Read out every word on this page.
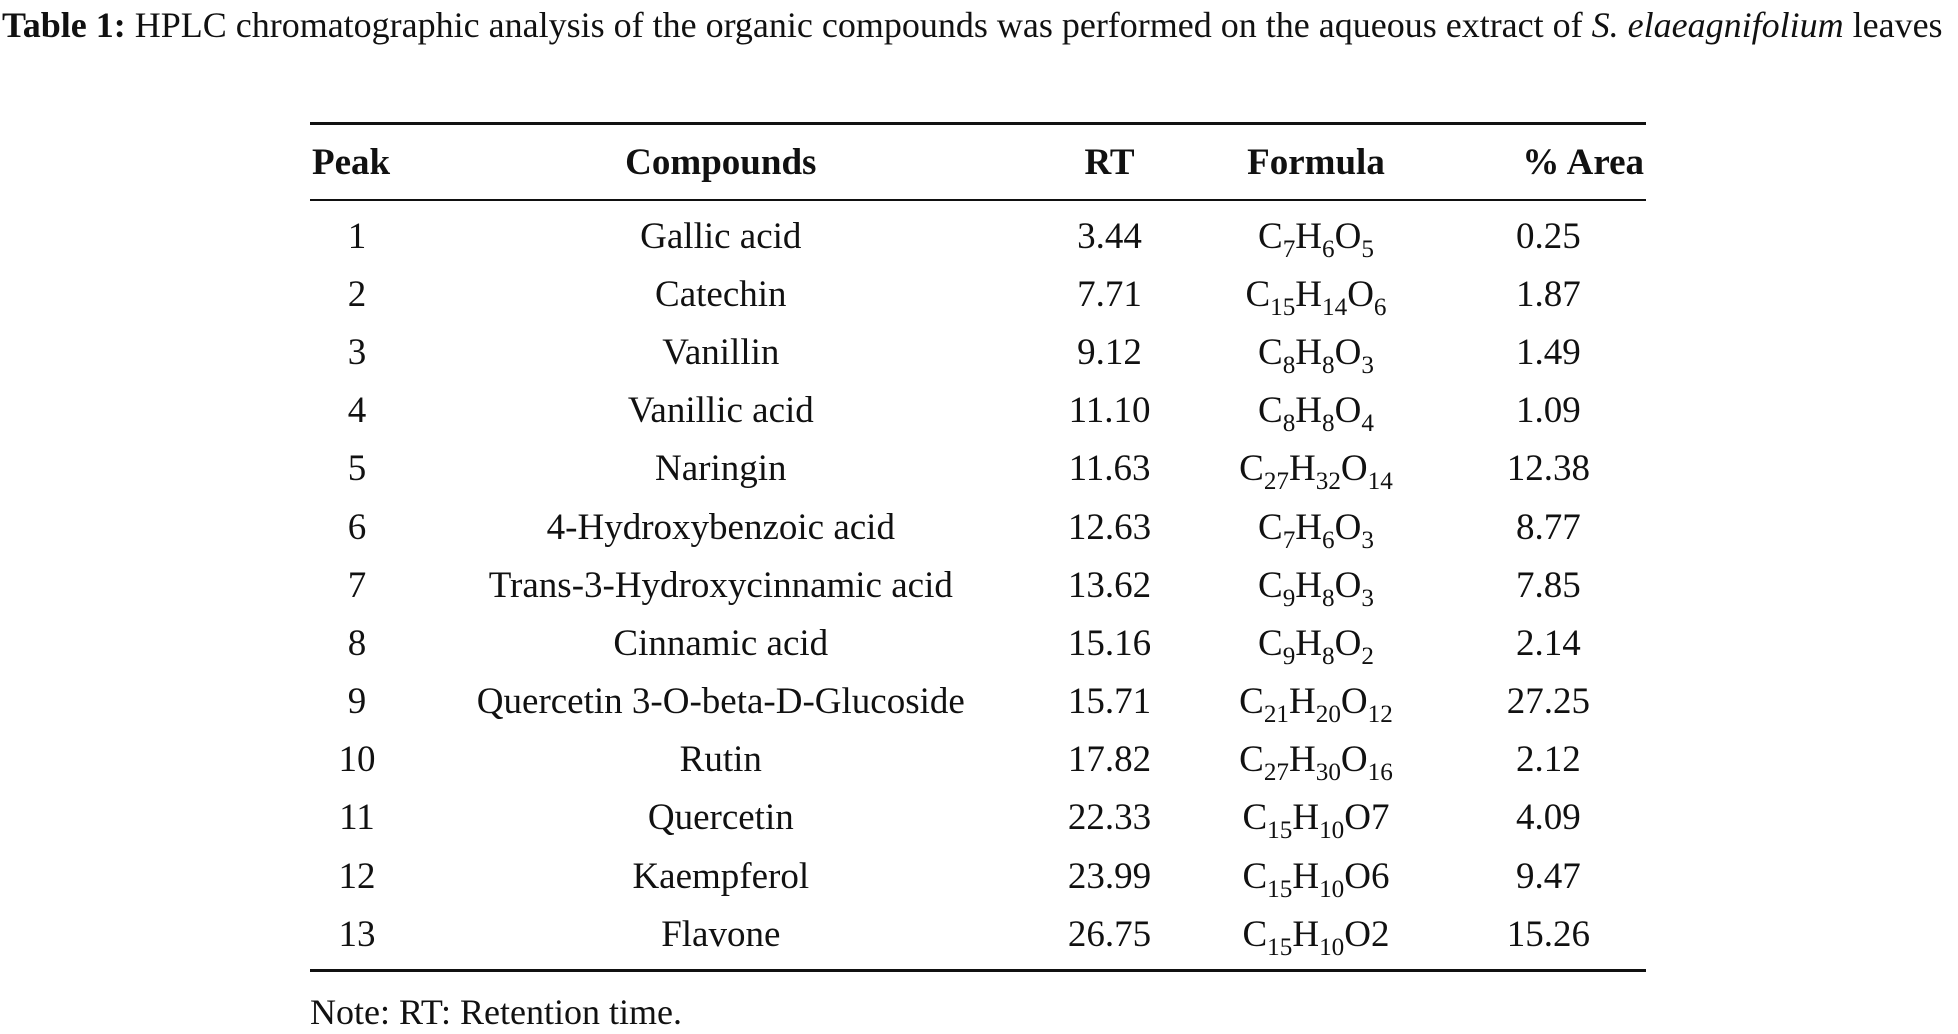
Table 1: HPLC chromatographic analysis of the organic compounds was performed on the aqueous extract of S. elaeagnifolium leaves
Peak	Compounds	RT	Formula	% Area
1	Gallic acid	3.44	$C_7H_6O_5$	0.25
2	Catechin	7.71	$C_{15}H_{14}O_6$	1.87
3	Vanillin	9.12	$C_8H_8O_3$	1.49
4	Vanillic acid	11.10	$C_8H_8O_4$	1.09
5	Naringin	11.63	$C_{27}H_{32}O_{14}$	12.38
6	4-Hydroxybenzoic acid	12.63	$C_7H_6O_3$	8.77
7	Trans-3-Hydroxycinnamic acid	13.62	$C_9H_8O_3$	7.85
8	Cinnamic acid	15.16	$C_9H_8O_2$	2.14
9	Quercetin 3-O-beta-D-Glucoside	15.71	$C_{21}H_{20}O_{12}$	27.25
10	Rutin	17.82	$C_{27}H_{30}O_{16}$	2.12
11	Quercetin	22.33	$C_{15}H_{10}O7$	4.09
12	Kaempferol	23.99	$C_{15}H_{10}O6$	9.47
13	Flavone	26.75	$C_{15}H_{10}O2$	15.26
Note: RT: Retention time.
